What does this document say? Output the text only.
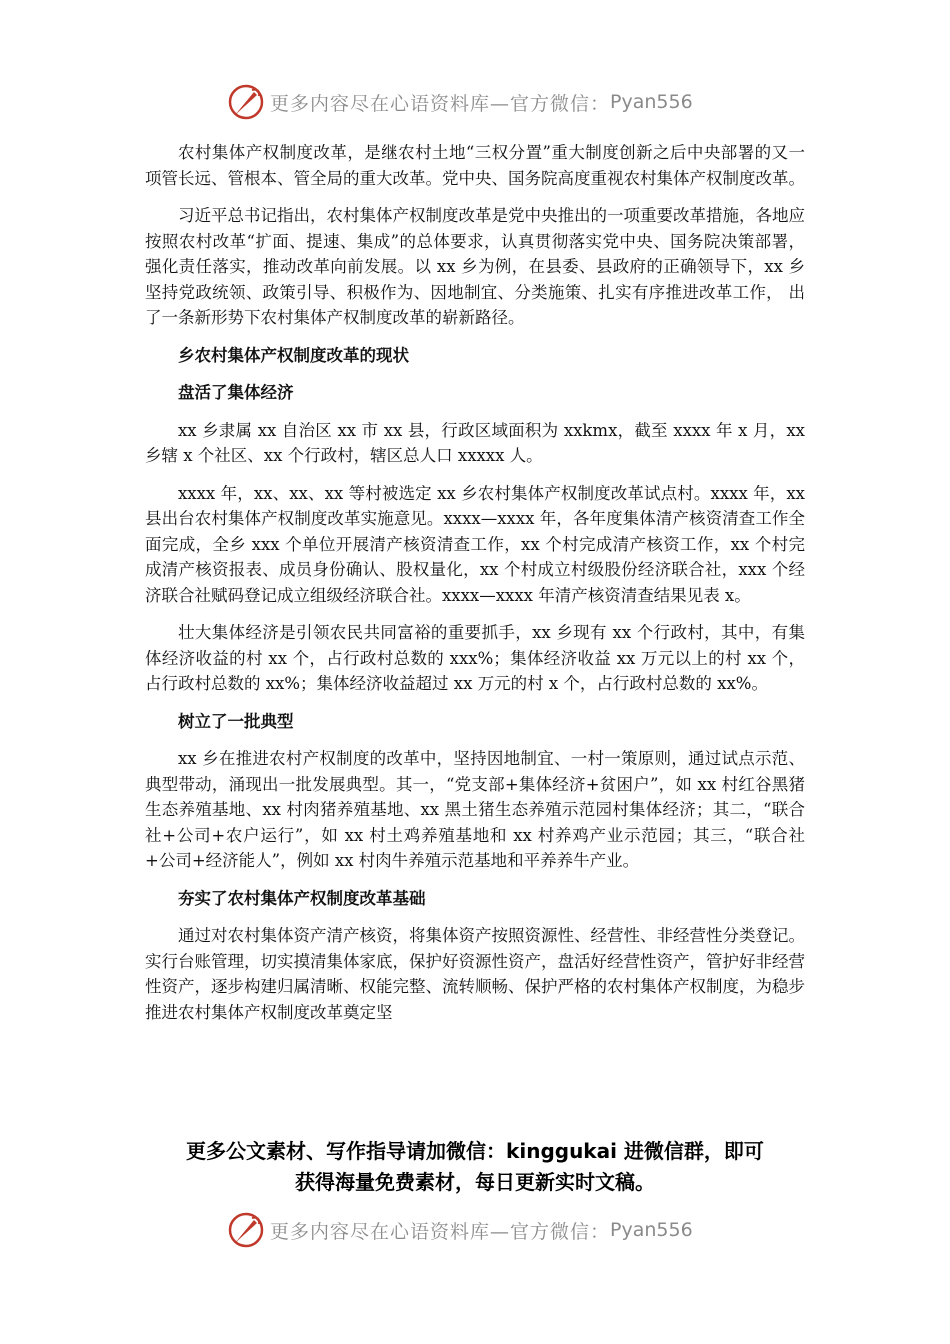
更多内容尽在心语资料库—官方微信： Pyan556

农村集体产权制度改革，是继农村土地“三权分置”重大制度创新之后中央部署的又一项管长远、管根本、管全局的重大改革。党中央、国务院高度重视农村集体产权制度改革。

习近平总书记指出，农村集体产权制度改革是党中央推出的一项重要改革措施，各地应按照农村改革“扩面、提速、集成”的总体要求，认真贯彻落实党中央、国务院决策部署，强化责任落实，推动改革向前发展。以 xx 乡为例，在县委、县政府的正确领导下，xx 乡坚持党政统领、政策引导、积极作为、因地制宜、分类施策、扎实有序推进改革工作， 出了一条新形势下农村集体产权制度改革的崭新路径。

乡农村集体产权制度改革的现状
盘活了集体经济

xx 乡隶属 xx 自治区 xx 市 xx 县，行政区域面积为 xxkmx，截至 xxxx 年 x 月，xx 乡辖 x 个社区、xx 个行政村，辖区总人口 xxxxx 人。

xxxx 年，xx、xx、xx 等村被选定 xx 乡农村集体产权制度改革试点村。xxxx 年，xx 县出台农村集体产权制度改革实施意见。xxxx—xxxx 年，各年度集体清产核资清查工作全面完成，全乡 xxx 个单位开展清产核资清查工作，xx 个村完成清产核资工作，xx 个村完成清产核资报表、成员身份确认、股权量化，xx 个村成立村级股份经济联合社，xxx 个经济联合社赋码登记成立组级经济联合社。xxxx—xxxx 年清产核资清查结果见表 x。

壮大集体经济是引领农民共同富裕的重要抓手，xx 乡现有 xx 个行政村，其中，有集体经济收益的村 xx 个，占行政村总数的 xxx%；集体经济收益 xx 万元以上的村 xx 个，占行政村总数的 xx%；集体经济收益超过 xx 万元的村 x 个，占行政村总数的 xx%。

树立了一批典型

xx 乡在推进农村产权制度的改革中，坚持因地制宜、一村一策原则，通过试点示范、典型带动，涌现出一批发展典型。其一，“党支部+集体经济+贫困户”，如 xx 村红谷黑猪生态养殖基地、xx 村肉猪养殖基地、xx 黑土猪生态养殖示范园村集体经济；其二，“联合社+公司+农户运行”，如 xx 村土鸡养殖基地和 xx 村养鸡产业示范园；其三，“联合社+公司+经济能人”，例如 xx 村肉牛养殖示范基地和平养养牛产业。

夯实了农村集体产权制度改革基础

通过对农村集体资产清产核资，将集体资产按照资源性、经营性、非经营性分类登记。实行台账管理，切实摸清集体家底，保护好资源性资产，盘活好经营性资产，管护好非经营性资产，逐步构建归属清晰、权能完整、流转顺畅、保护严格的农村集体产权制度，为稳步推进农村集体产权制度改革奠定坚

更多公文素材、写作指导请加微信：kinggukai 进微信群，即可
获得海量免费素材，每日更新实时文稿。
更多内容尽在心语资料库—官方微信： Pyan556
